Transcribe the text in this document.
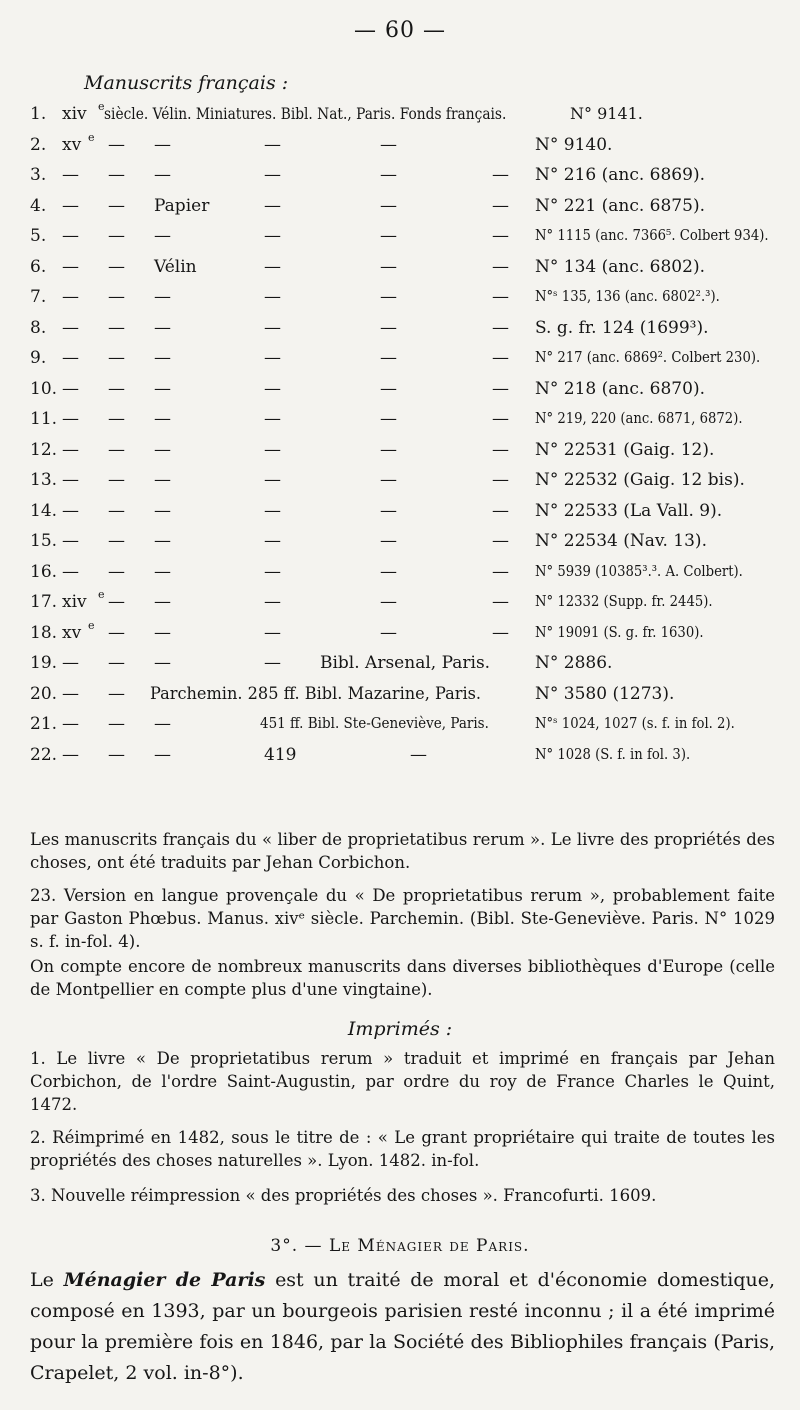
— 60 —
Manuscrits français :
1. xiv e siècle. Vélin. Miniatures. Bibl. Nat., Paris. Fonds français.	N° 9141.
2. xv e — —	—	—	N° 9140.
3. — — —	—	—	— N° 216 (anc. 6869).
4. — — Papier	—	—	— N° 221 (anc. 6875).
5. — — —	—	—	— N° 1115 (anc. 7366⁵. Colbert 934).
6. — — Vélin	—	—	— N° 134 (anc. 6802).
7. — — —	—	—	— N°ˢ 135, 136 (anc. 6802².³).
8. — — —	—	—	— S. g. fr. 124 (1699³).
9. — — —	—	—	— N° 217 (anc. 6869². Colbert 230).
10. — — —	—	—	— N° 218 (anc. 6870).
11. — — —	—	—	— N° 219, 220 (anc. 6871, 6872).
12. — — —	—	—	— N° 22531 (Gaig. 12).
13. — — —	—	—	— N° 22532 (Gaig. 12 bis).
14. — — —	—	—	— N° 22533 (La Vall. 9).
15. — — —	—	—	— N° 22534 (Nav. 13).
16. — — —	—	—	— N° 5939 (10385³.³. A. Colbert).
17. xiv e — —	—	—	— N° 12332 (Supp. fr. 2445).
18. xv e — —	—	—	— N° 19091 (S. g. fr. 1630).
19. — — —	— Bibl. Arsenal, Paris.	N° 2886.
20. — — Parchemin. 285 ff. Bibl. Mazarine, Paris.	N° 3580 (1273).
21. — — —	451 ff. Bibl. Ste-Geneviève, Paris.	N°ˢ 1024, 1027 (s. f. in fol. 2).
22. — — —	419	—	N° 1028 (S. f. in fol. 3).
Les manuscrits français du « liber de proprietatibus rerum ». Le livre des propriétés des choses, ont été traduits par Jehan Corbichon.
23. Version en langue provençale du « De proprietatibus rerum », probablement faite par Gaston Phœbus. Manus. xivᵉ siècle. Parchemin. (Bibl. Ste-Geneviève. Paris. N° 1029 s. f. in-fol. 4).
On compte encore de nombreux manuscrits dans diverses bibliothèques d'Europe (celle de Montpellier en compte plus d'une vingtaine).
Imprimés :
1. Le livre « De proprietatibus rerum » traduit et imprimé en français par Jehan Corbichon, de l'ordre Saint-Augustin, par ordre du roy de France Charles le Quint, 1472.
2. Réimprimé en 1482, sous le titre de : « Le grant propriétaire qui traite de toutes les propriétés des choses naturelles ». Lyon. 1482. in-fol.
3. Nouvelle réimpression « des propriétés des choses ». Francofurti. 1609.
3°. — Le Ménagier de Paris.
Le Ménagier de Paris est un traité de moral et d'économie domestique, composé en 1393, par un bourgeois parisien resté inconnu ; il a été imprimé pour la première fois en 1846, par la Société des Bibliophiles français (Paris, Crapelet, 2 vol. in-8°).
